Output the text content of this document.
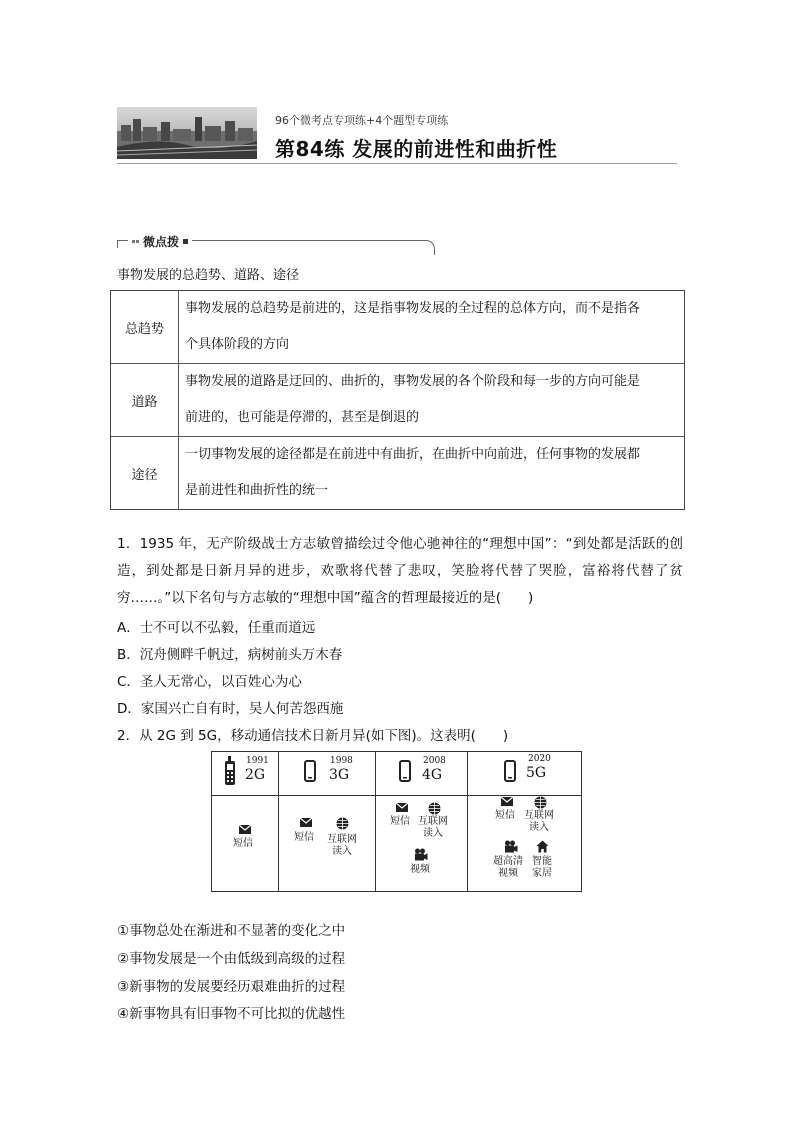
96个微考点专项练+4个题型专项练
第84练 发展的前进性和曲折性
微点拨
事物发展的总趋势、道路、途径
总趋势
事物发展的总趋势是前进的，这是指事物发展的全过程的总体方向，而不是指各
个具体阶段的方向
道路
事物发展的道路是迂回的、曲折的，事物发展的各个阶段和每一步的方向可能是
前进的，也可能是停滞的，甚至是倒退的
途径
一切事物发展的途径都是在前进中有曲折，在曲折中向前进，任何事物的发展都
是前进性和曲折性的统一
1．1935 年，无产阶级战士方志敏曾描绘过令他心驰神往的“理想中国”：“到处都是活跃的创造，到处都是日新月异的进步，欢歌将代替了悲叹，笑脸将代替了哭脸，富裕将代替了贫穷……。”以下名句与方志敏的“理想中国”蕴含的哲理最接近的是(　　)
A．士不可以不弘毅，任重而道远
B．沉舟侧畔千帆过，病树前头万木春
C．圣人无常心，以百姓心为心
D．家国兴亡自有时，吴人何苦怨西施
2．从 2G 到 5G，移动通信技术日新月异(如下图)。这表明(　　)
1991
2G
1998
3G
2008
4G
2020
5G
短信
短信 互联网
读入
短信 互联网
读入
视频
短信 互联网
读入
超高清
视频
智能
家居
①事物总处在渐进和不显著的变化之中
②事物发展是一个由低级到高级的过程
③新事物的发展要经历艰难曲折的过程
④新事物具有旧事物不可比拟的优越性
